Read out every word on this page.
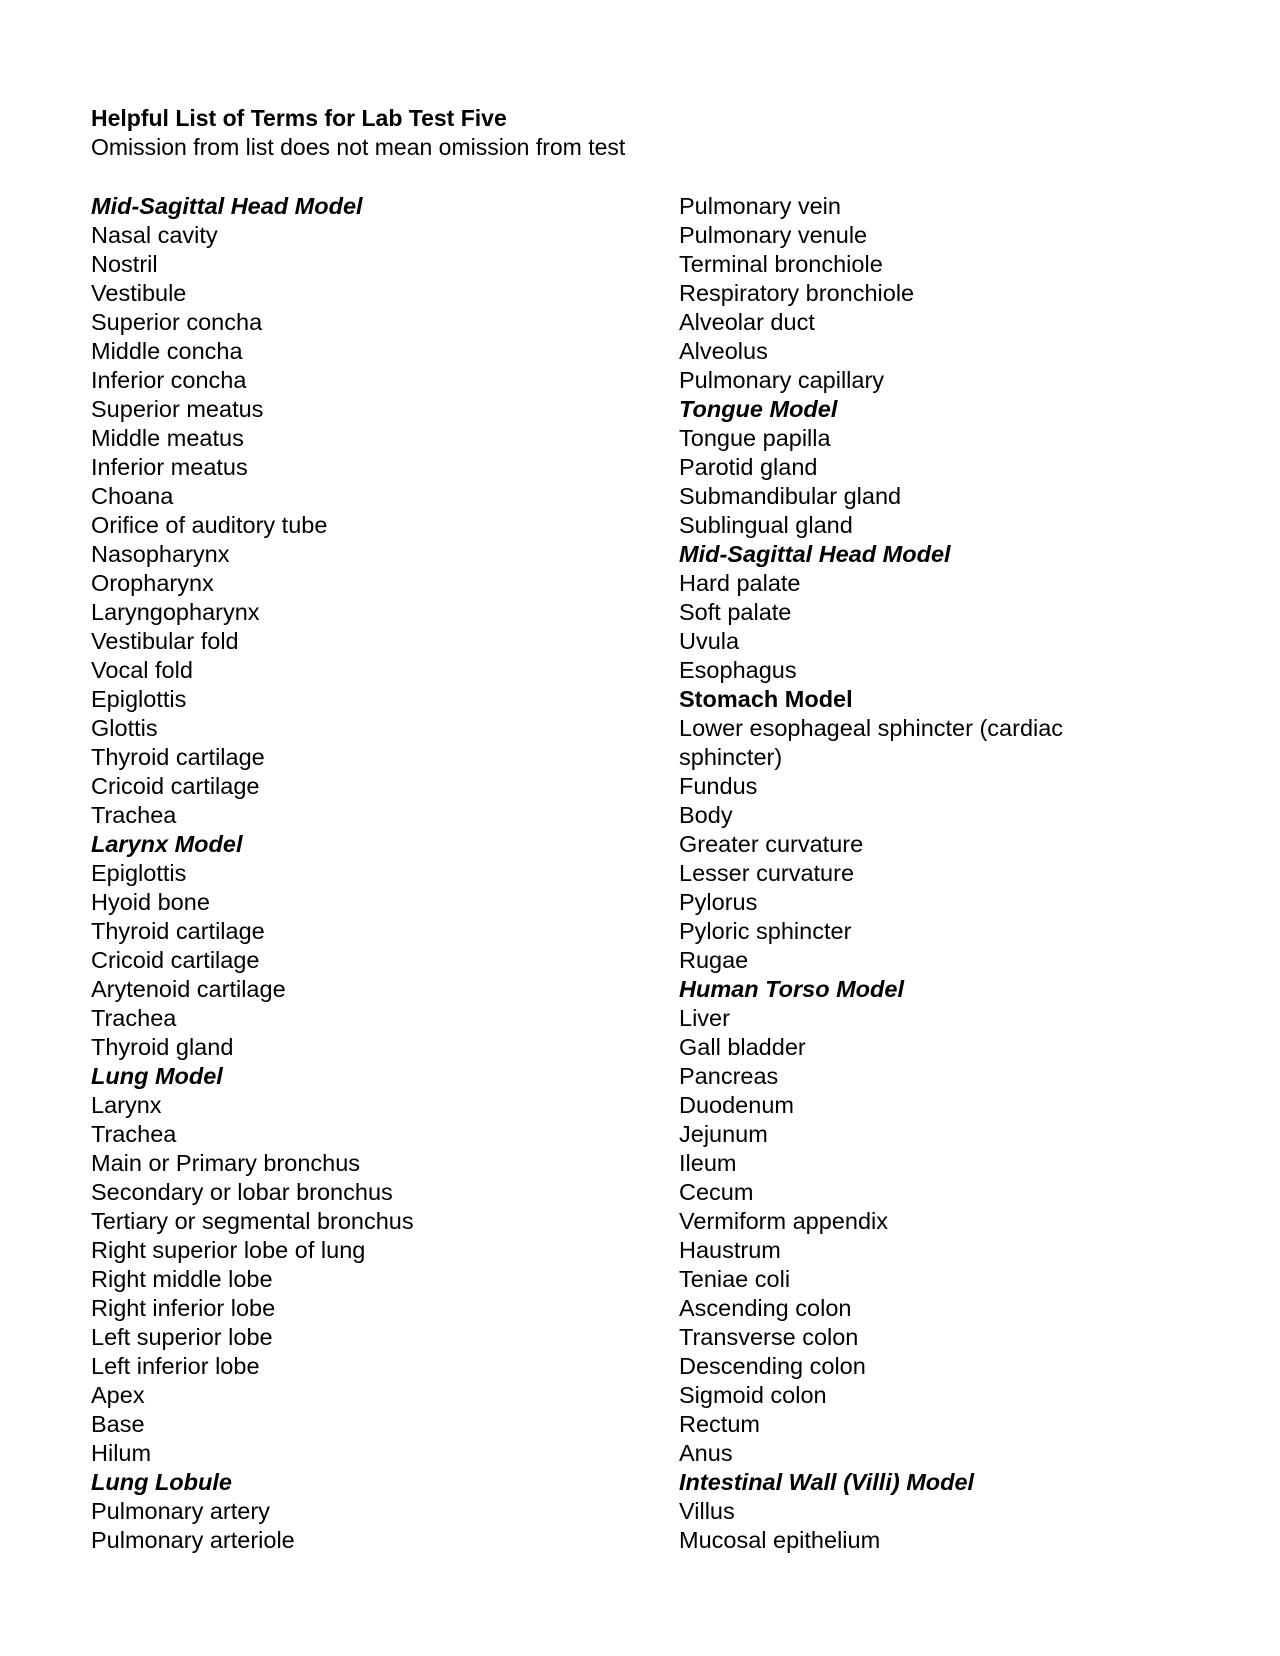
Helpful List of Terms for Lab Test Five
Omission from list does not mean omission from test
Mid-Sagittal Head Model
Nasal cavity
Nostril
Vestibule
Superior concha
Middle concha
Inferior concha
Superior meatus
Middle meatus
Inferior meatus
Choana
Orifice of auditory tube
Nasopharynx
Oropharynx
Laryngopharynx
Vestibular fold
Vocal fold
Epiglottis
Glottis
Thyroid cartilage
Cricoid cartilage
Trachea
Larynx Model
Epiglottis
Hyoid bone
Thyroid cartilage
Cricoid cartilage
Arytenoid cartilage
Trachea
Thyroid gland
Lung Model
Larynx
Trachea
Main or Primary bronchus
Secondary or lobar bronchus
Tertiary or segmental bronchus
Right superior lobe of lung
Right middle lobe
Right inferior lobe
Left superior lobe
Left inferior lobe
Apex
Base
Hilum
Lung Lobule
Pulmonary artery
Pulmonary arteriole
Pulmonary vein
Pulmonary venule
Terminal bronchiole
Respiratory bronchiole
Alveolar duct
Alveolus
Pulmonary capillary
Tongue Model
Tongue papilla
Parotid gland
Submandibular gland
Sublingual gland
Mid-Sagittal Head Model
Hard palate
Soft palate
Uvula
Esophagus
Stomach Model
Lower esophageal sphincter (cardiac sphincter)
Fundus
Body
Greater curvature
Lesser curvature
Pylorus
Pyloric sphincter
Rugae
Human Torso Model
Liver
Gall bladder
Pancreas
Duodenum
Jejunum
Ileum
Cecum
Vermiform appendix
Haustrum
Teniae coli
Ascending colon
Transverse colon
Descending colon
Sigmoid colon
Rectum
Anus
Intestinal Wall (Villi) Model
Villus
Mucosal epithelium
